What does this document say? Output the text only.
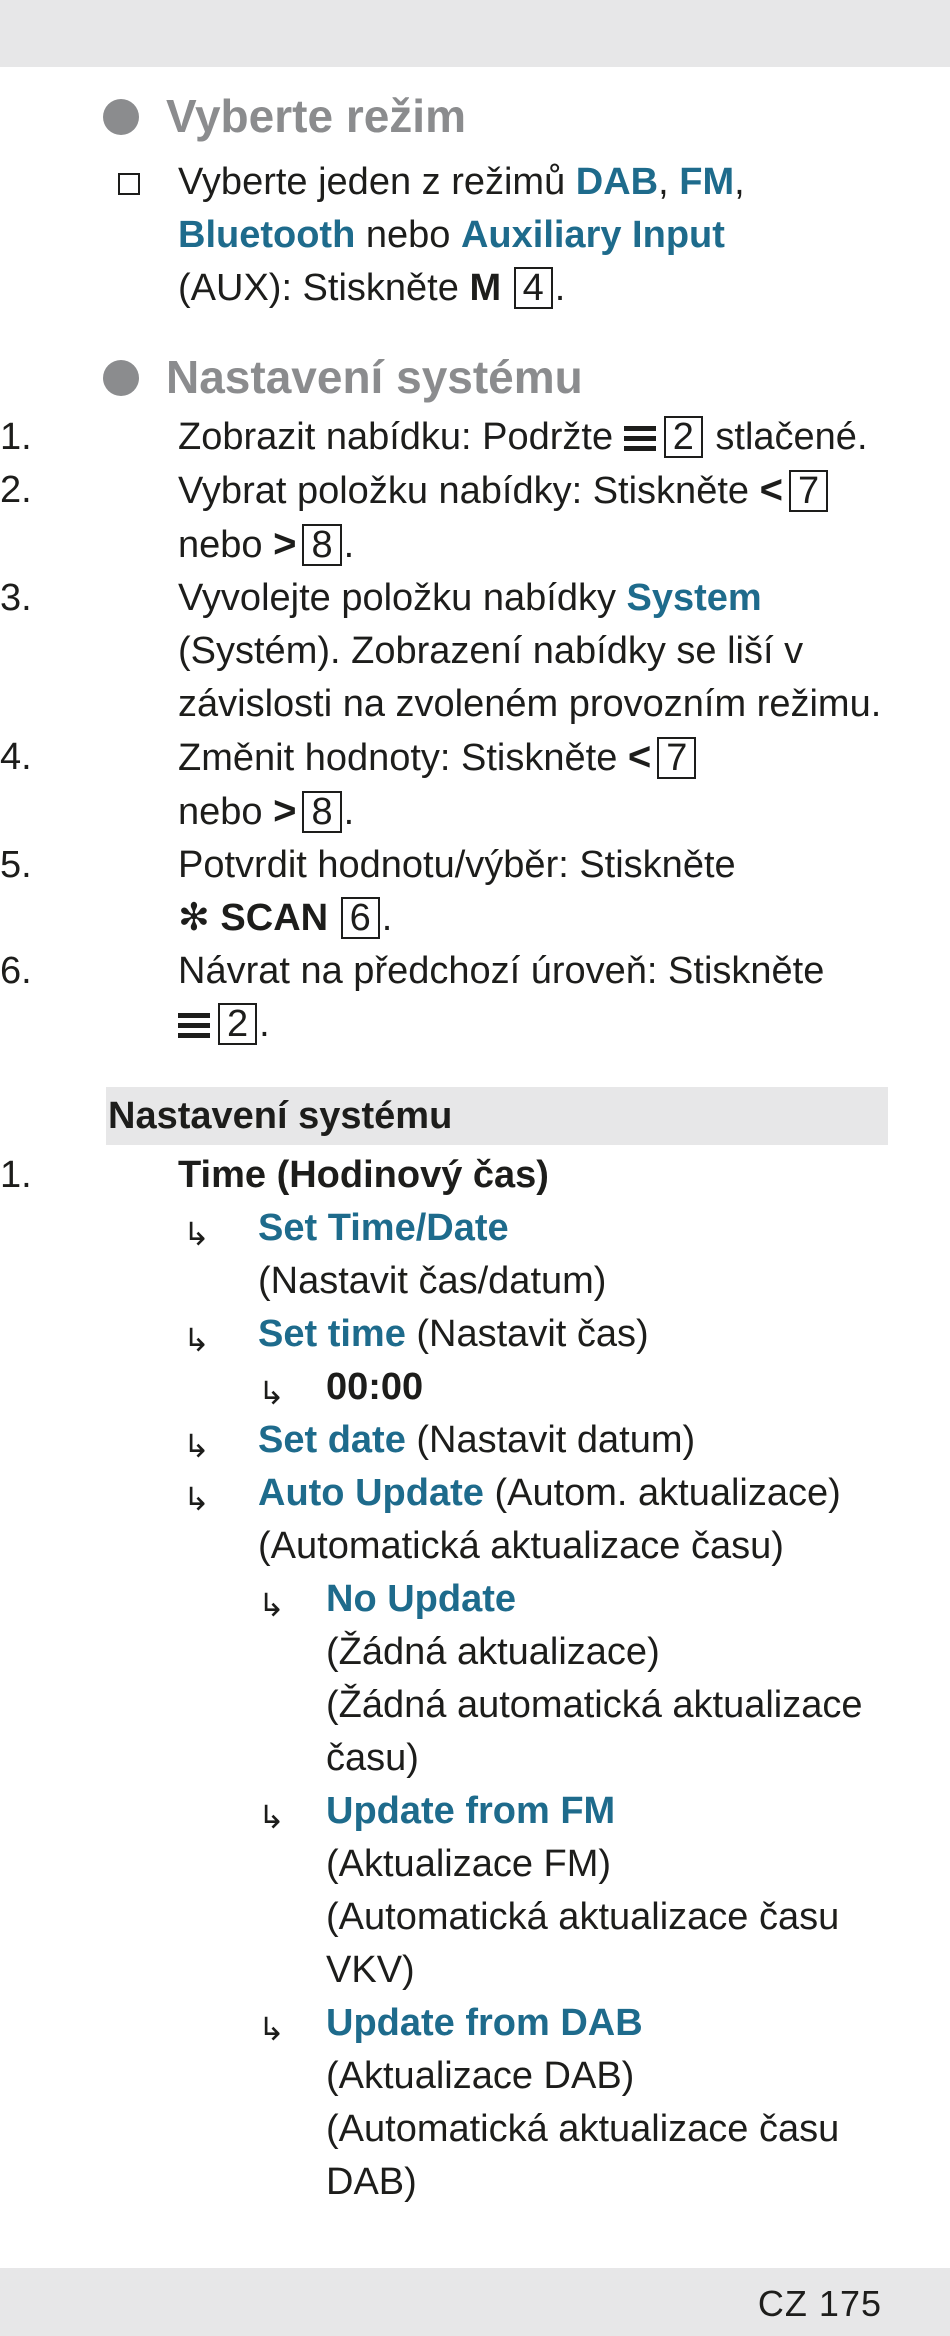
Vyberte režim
Vyberte jeden z režimů DAB, FM,
Bluetooth nebo Auxiliary Input
(AUX): Stiskněte M 4 .
Nastavení systému
1.	Zobrazit nabídku: Podržte 2 stlačené.
2.	Vybrat položku nabídky: Stiskněte < 7
nebo > 8 .
3.	Vyvolejte položku nabídky System
(Systém). Zobrazení nabídky se liší v
závislosti na zvoleném provozním režimu.
4.	Změnit hodnoty: Stiskněte < 7
nebo > 8 .
5.	Potvrdit hodnotu/výběr: Stiskněte
✻ SCAN 6 .
6.	Návrat na předchozí úroveň: Stiskněte
2 .
Nastavení systému
1.	Time (Hodinový čas)
↳ Set Time/Date
(Nastavit čas/datum)
↳ Set time (Nastavit čas)
↳ 00:00
↳ Set date (Nastavit datum)
↳ Auto Update (Autom. aktualizace)
(Automatická aktualizace času)
↳ No Update
(Žádná aktualizace)
(Žádná automatická aktualizace
času)
↳ Update from FM
(Aktualizace FM)
(Automatická aktualizace času
VKV)
↳ Update from DAB
(Aktualizace DAB)
(Automatická aktualizace času
DAB)
CZ 175
